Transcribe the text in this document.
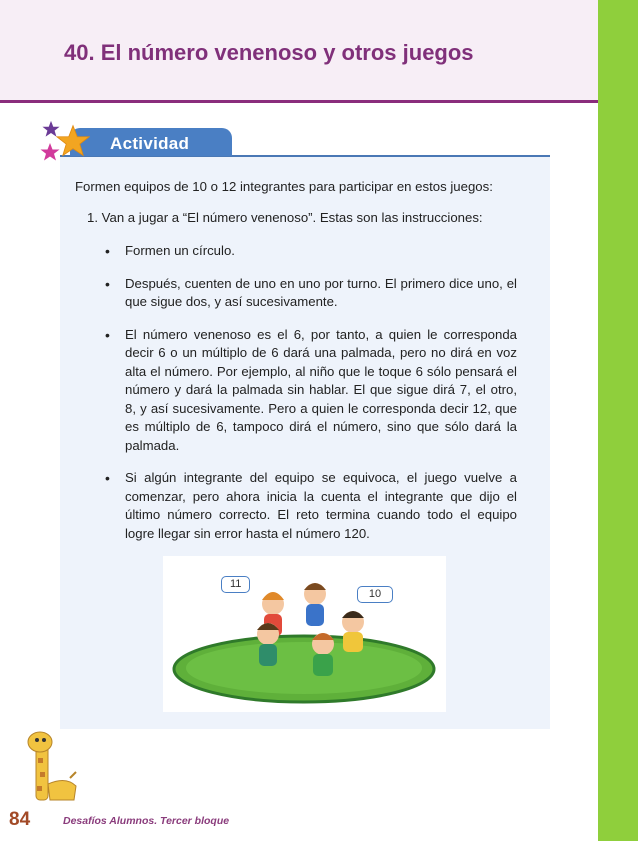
40. El número venenoso y otros juegos
Actividad
Formen equipos de 10 o 12 integrantes para participar en estos juegos:
1. Van a jugar a “El número venenoso”. Estas son las instrucciones:
• Formen un círculo.
• Después, cuenten de uno en uno por turno. El primero dice uno, el que sigue dos, y así sucesivamente.
• El número venenoso es el 6, por tanto, a quien le corresponda decir 6 o un múltiplo de 6 dará una palmada, pero no dirá en voz alta el número. Por ejemplo, al niño que le toque 6 sólo pensará el número y dará la palmada sin hablar. El que sigue dirá 7, el otro, 8, y así sucesivamente. Pero a quien le corresponda decir 12, que es múltiplo de 6, tampoco dirá el número, sino que sólo dará la palmada.
• Si algún integrante del equipo se equivoca, el juego vuelve a comenzar, pero ahora inicia la cuenta el integrante que dijo el último número correcto. El reto termina cuando todo el equipo logre llegar sin error hasta el número 120.
11
10
84	Desafíos Alumnos. Tercer bloque
